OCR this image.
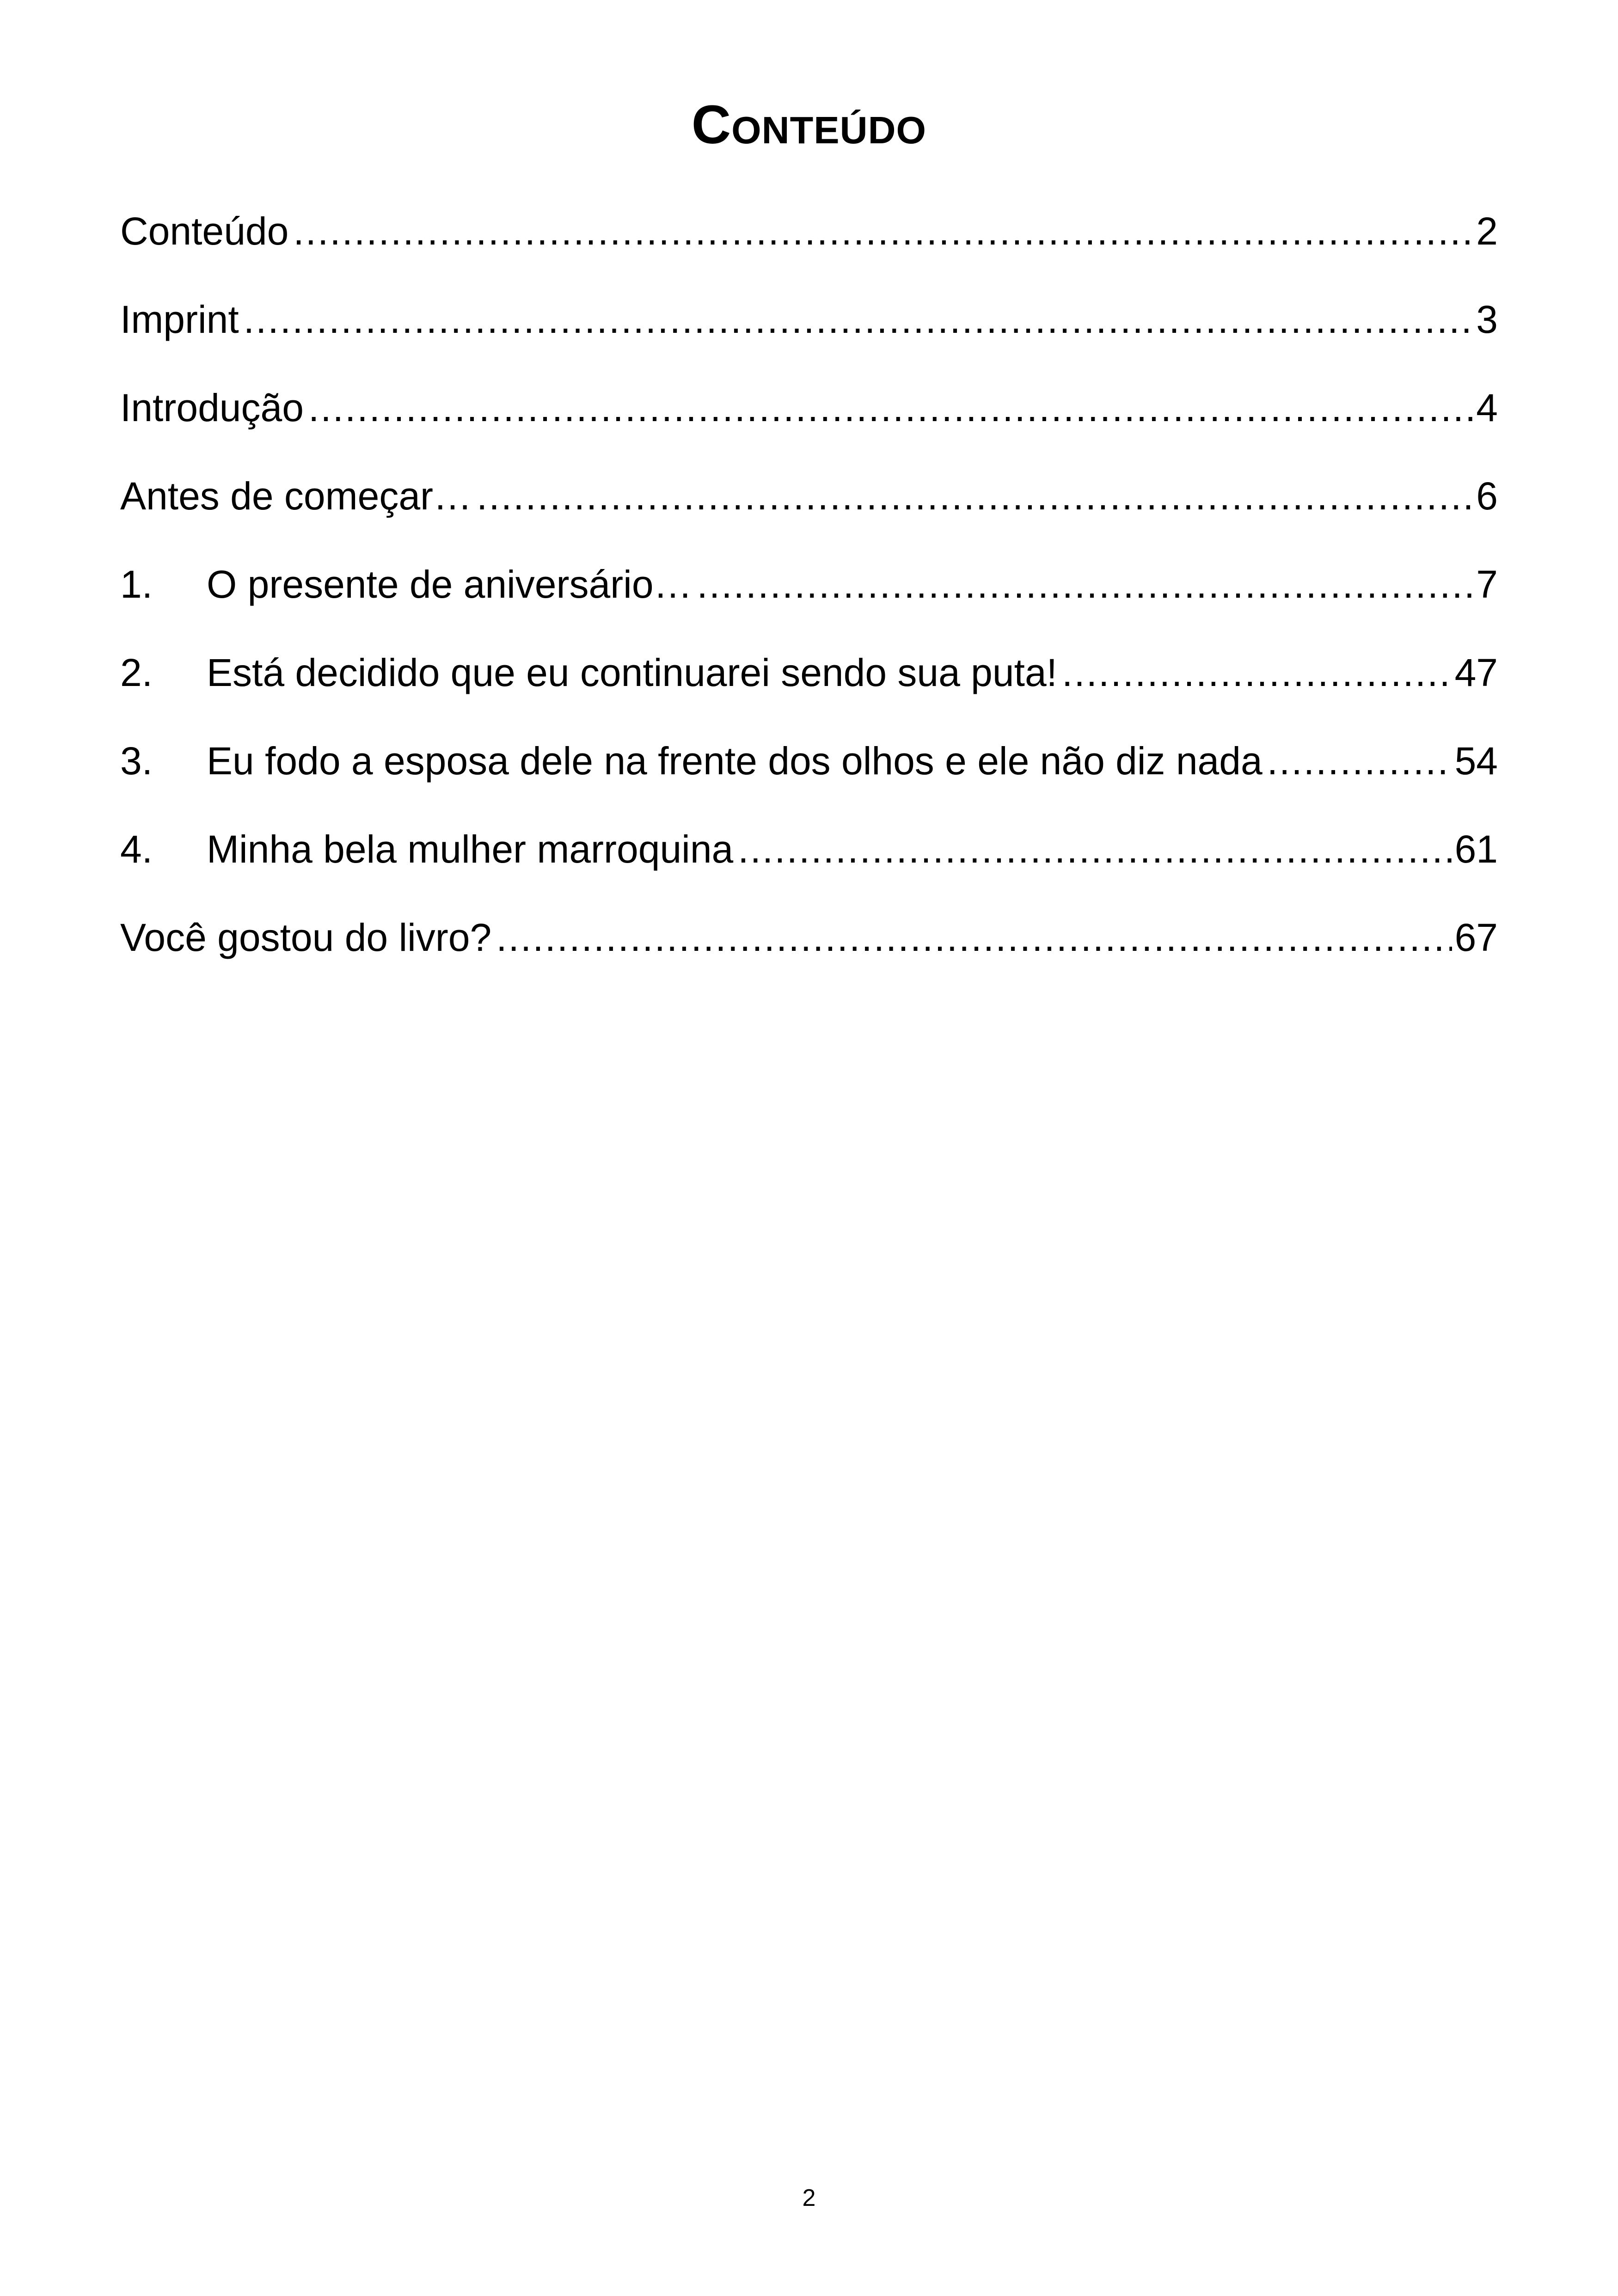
Conteúdo
Conteúdo .....	2
Imprint .....	3
Introdução .....	4
Antes de começar… .....	6
1.	O presente de aniversário… .....	7
2.	Está decidido que eu continuarei sendo sua puta! .....	47
3.	Eu fodo a esposa dele na frente dos olhos e ele não diz nada .....	54
4.	Minha bela mulher marroquina .....	61
Você gostou do livro? .....	67
2
